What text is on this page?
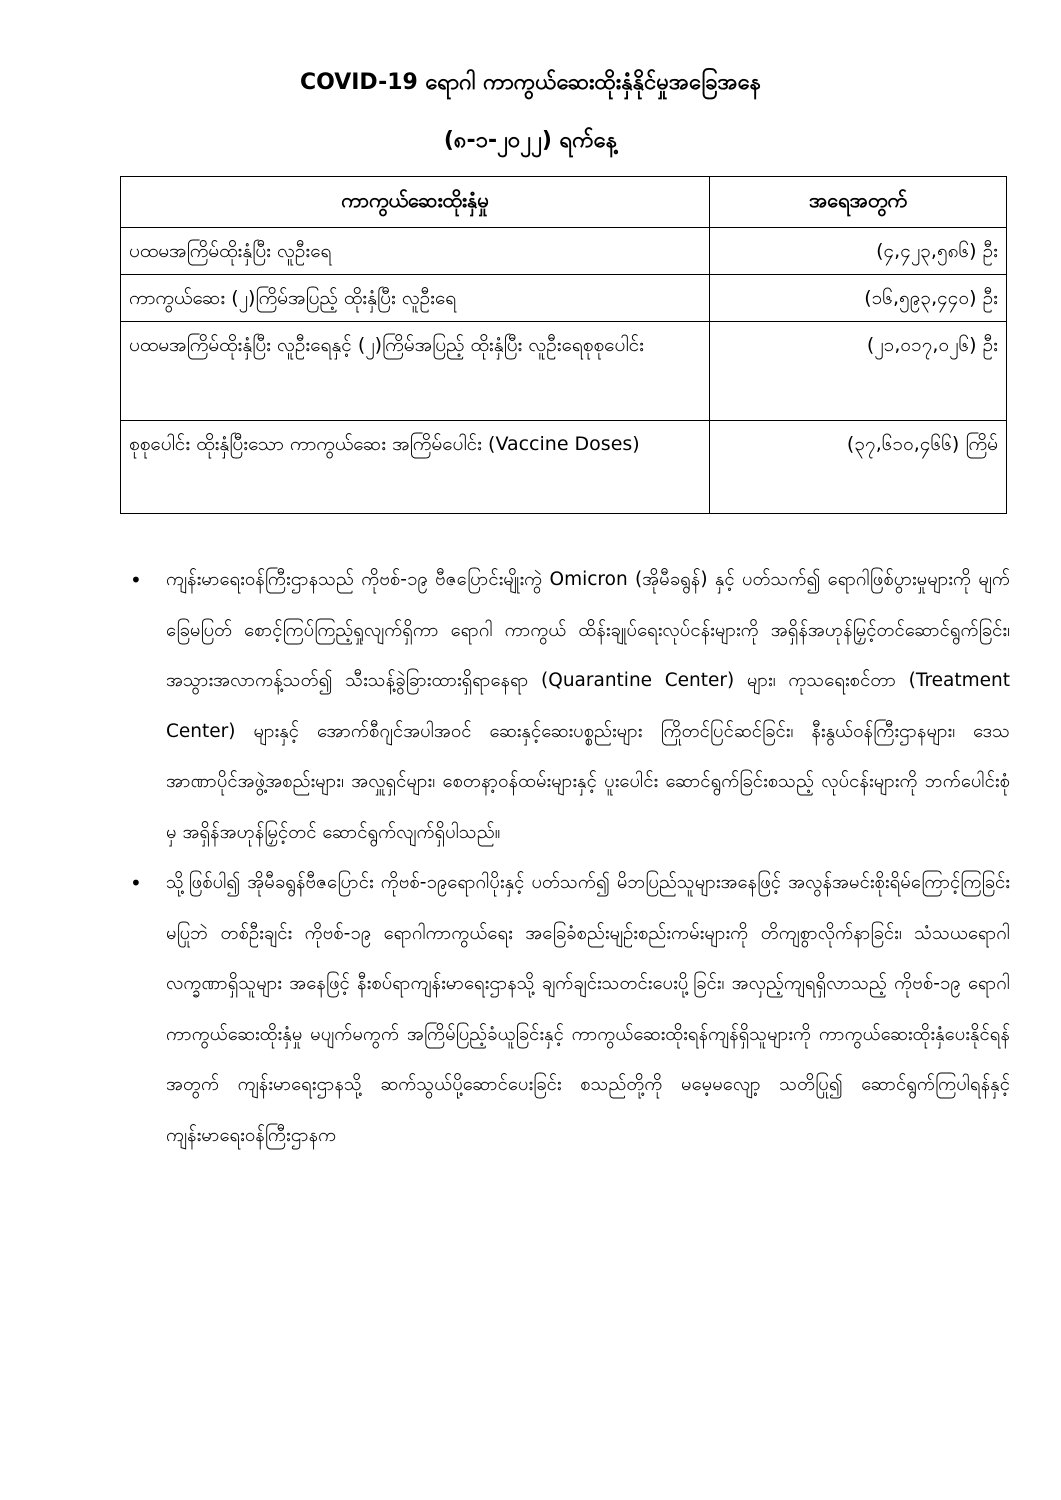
COVID-19 ရောဂါ ကာကွယ်ဆေးထိုးနှံနိုင်မှုအခြေအနေ
(၈-၁-၂၀၂၂) ရက်နေ့
ကာကွယ်ဆေးထိုးနှံမှု	အရေအတွက်
ပထမအကြိမ်ထိုးနှံပြီး လူဦးရေ	(၄,၄၂၃,၅၈၆) ဦး
ကာကွယ်ဆေး (၂)ကြိမ်အပြည့် ထိုးနှံပြီး လူဦးရေ	(၁၆,၅၉၃,၄၄၀) ဦး
ပထမအကြိမ်ထိုးနှံပြီး လူဦးရေနှင့် (၂)ကြိမ်အပြည့် ထိုးနှံပြီး လူဦးရေစုစုပေါင်း	(၂၁,၀၁၇,၀၂၆) ဦး
စုစုပေါင်း ထိုးနှံပြီးသော ကာကွယ်ဆေး အကြိမ်ပေါင်း (Vaccine Doses)	(၃၇,၆၁၀,၄၆၆) ကြိမ်
• ကျန်းမာရေးဝန်ကြီးဌာနသည် ကိုဗစ်-၁၉ ဗီဇပြောင်းမျိုးကွဲ Omicron (အိုမီခရွန်) နှင့် ပတ်သက်၍ ရောဂါဖြစ်ပွားမှုများကို မျက်ခြေမပြတ် စောင့်ကြပ်ကြည့်ရှုလျက်ရှိကာ ရောဂါ ကာကွယ် ထိန်းချုပ်ရေးလုပ်ငန်းများကို အရှိန်အဟုန်မြှင့်တင်ဆောင်ရွက်ခြင်း၊ အသွားအလာကန့်သတ်၍ သီးသန့်ခွဲခြားထားရှိရာနေရာ (Quarantine Center) များ၊ ကုသရေးစင်တာ (Treatment Center) များနှင့် အောက်စီဂျင်အပါအဝင် ဆေးနှင့်ဆေးပစ္စည်းများ ကြိုတင်ပြင်ဆင်ခြင်း၊ နီးနွယ်ဝန်ကြီးဌာနများ၊ ဒေသအာဏာပိုင်အဖွဲ့အစည်းများ၊ အလှူရှင်များ၊ စေတနာ့ဝန်ထမ်းများနှင့် ပူးပေါင်း ဆောင်ရွက်ခြင်းစသည့် လုပ်ငန်းများကို ဘက်ပေါင်းစုံမှ အရှိန်အဟုန်မြှင့်တင် ဆောင်ရွက်လျက်ရှိပါသည်။
• သို့ဖြစ်ပါ၍ အိုမီခရွန်ဗီဇပြောင်း ကိုဗစ်-၁၉ရောဂါပိုးနှင့် ပတ်သက်၍ မိဘပြည်သူများအနေဖြင့် အလွန်အမင်းစိုးရိမ်ကြောင့်ကြခြင်းမပြုဘဲ တစ်ဦးချင်း ကိုဗစ်-၁၉ ရောဂါကာကွယ်ရေး အခြေခံစည်းမျဉ်းစည်းကမ်းများကို တိကျစွာလိုက်နာခြင်း၊ သံသယရောဂါလက္ခဏာရှိသူများ အနေဖြင့် နီးစပ်ရာကျန်းမာရေးဌာနသို့ ချက်ချင်းသတင်းပေးပို့ခြင်း၊ အလှည့်ကျရရှိလာသည့် ကိုဗစ်-၁၉ ရောဂါ ကာကွယ်ဆေးထိုးနှံမှု မပျက်မကွက် အကြိမ်ပြည့်ခံယူခြင်းနှင့် ကာကွယ်ဆေးထိုးရန်ကျန်ရှိသူများကို ကာကွယ်ဆေးထိုးနှံပေးနိုင်ရန်အတွက် ကျန်းမာရေးဌာနသို့ ဆက်သွယ်ပို့ဆောင်ပေးခြင်း စသည်တို့ကို မမေ့မလျော့ သတိပြု၍ ဆောင်ရွက်ကြပါရန်နှင့် ကျန်းမာရေးဝန်ကြီးဌာနက
